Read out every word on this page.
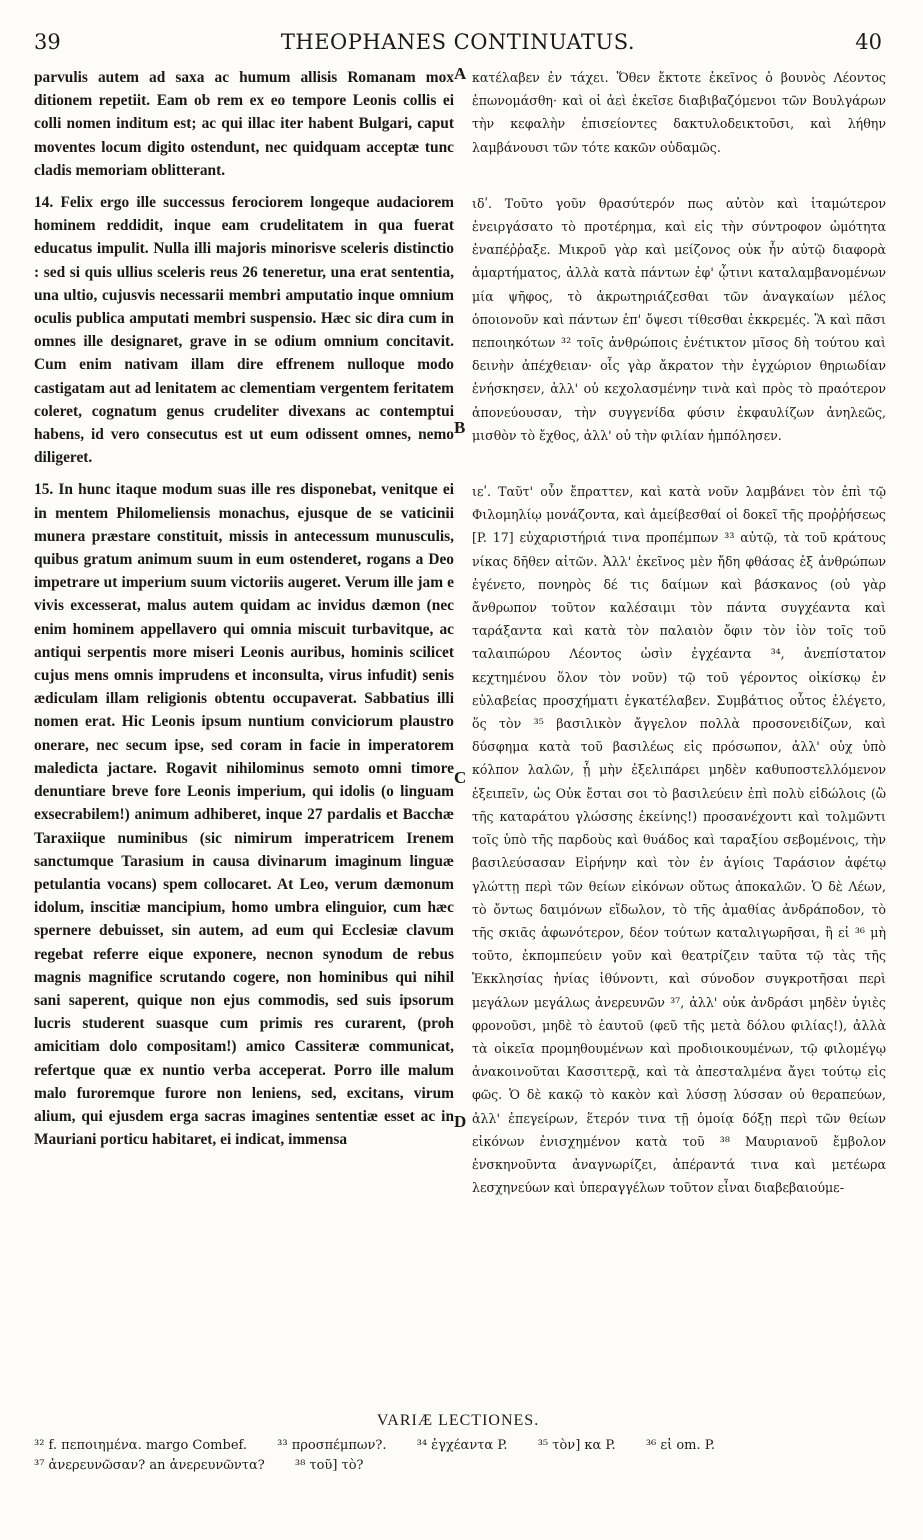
39	THEOPHANES CONTINUATUS.	40

parvulis autem ad saxa ac humum allisis Romanam mox ditionem repetiit. Eam ob rem ex eo tempore Leonis collis ei colli nomen inditum est; ac qui illac iter habent Bulgari, caput moventes locum digito ostendunt, nec quidquam acceptæ tunc cladis memoriam oblitterant.

14. Felix ergo ille successus ferociorem longeque audaciorem hominem reddidit, inque eam crudelitatem in qua fuerat educatus impulit. Nulla illi majoris minorisve sceleris distinctio : sed si quis ullius sceleris reus 26 teneretur, una erat sententia, una ultio, cujusvis necessarii membri amputatio inque omnium oculis publica amputati membri suspensio. Hæc sic dira cum in omnes ille designaret, grave in se odium omnium concitavit. Cum enim nativam illam dire effrenem nulloque modo castigatam aut ad lenitatem ac clementiam vergentem feritatem coleret, cognatum genus crudeliter divexans ac contemptui habens, id vero consecutus est ut eum odissent omnes, nemo diligeret.

15. In hunc itaque modum suas ille res disponebat, venitque ei in mentem Philomeliensis monachus, ejusque de se vaticinii munera præstare constituit, missis in antecessum munusculis, quibus gratum animum suum in eum ostenderet, rogans a Deo impetrare ut imperium suum victoriis augeret. Verum ille jam e vivis excesserat, malus autem quidam ac invidus dæmon (nec enim hominem appellavero qui omnia miscuit turbavitque, ac antiqui serpentis more miseri Leonis auribus, hominis scilicet cujus mens omnis imprudens et inconsulta, virus infudit) senis ædiculam illam religionis obtentu occupaverat. Sabbatius illi nomen erat. Hic Leonis ipsum nuntium conviciorum plaustro onerare, nec secum ipse, sed coram in facie in imperatorem maledicta jactare. Rogavit nihilominus semoto omni timore denuntiare breve fore Leonis imperium, qui idolis (o linguam exsecrabilem!) animum adhiberet, inque 27 pardalis et Bacchæ Taraxiique numinibus (sic nimirum imperatricem Irenem sanctumque Tarasium in causa divinarum imaginum linguæ petulantia vocans) spem collocaret. At Leo, verum dæmonum idolum, inscitiæ mancipium, homo umbra elinguior, cum hæc spernere debuisset, sin autem, ad eum qui Ecclesiæ clavum regebat referre eique exponere, necnon synodum de rebus magnis magnifice scrutando cogere, non hominibus qui nihil sani saperent, quique non ejus commodis, sed suis ipsorum lucris studerent suasque cum primis res curarent, (proh amicitiam dolo compositam!) amico Cassiteræ communicat, refertque quæ ex nuntio verba acceperat. Porro ille malum malo furoremque furore non leniens, sed, excitans, virum alium, qui ejusdem erga sacras imagines sententiæ esset ac in Mauriani porticu habitaret, ei indicat, immensa

A
B
C
D

κατέλαβεν ἐν τάχει. Ὅθεν ἔκτοτε ἐκεῖνος ὁ βουνὸς Λέοντος ἐπωνομάσθη· καὶ οἱ ἀεὶ ἐκεῖσε διαβιβαζόμενοι τῶν Βουλγάρων τὴν κεφαλὴν ἐπισείοντες δακτυλοδεικτοῦσι, καὶ λήθην λαμβάνουσι τῶν τότε κακῶν οὐδαμῶς.

ιδʹ. Τοῦτο γοῦν θρασύτερόν πως αὐτὸν καὶ ἰταμώτερον ἐνειργάσατο τὸ προτέρημα, καὶ εἰς τὴν σύντροφον ὠμότητα ἐναπέῤῥαξε. Μικροῦ γὰρ καὶ μείζονος οὐκ ἦν αὐτῷ διαφορὰ ἁμαρτήματος, ἀλλὰ κατὰ πάντων ἐφ' ᾧτινι καταλαμβανομένων μία ψῆφος, τὸ ἀκρωτηριάζεσθαι τῶν ἀναγκαίων μέλος ὁποιονοῦν καὶ πάντων ἐπ' ὄψεσι τίθεσθαι ἐκκρεμές. Ἃ καὶ πᾶσι πεποιηκότων ³² τοῖς ἀνθρώποις ἐνέτικτον μῖσος δὴ τούτου καὶ δεινὴν ἀπέχθειαν· οἷς γὰρ ἄκρατον τὴν ἐγχώριον θηριωδίαν ἐνήσκησεν, ἀλλ' οὐ κεχολασμένην τινὰ καὶ πρὸς τὸ πραότερον ἀπονεύουσαν, τὴν συγγενίδα φύσιν ἐκφαυλίζων ἀνηλεῶς, μισθὸν τὸ ἔχθος, ἀλλ' οὐ τὴν φιλίαν ἠμπόλησεν.

ιεʹ. Ταῦτ' οὖν ἔπραττεν, καὶ κατὰ νοῦν λαμβάνει τὸν ἐπὶ τῷ Φιλομηλίῳ μονάζοντα, καὶ ἀμείβεσθαί οἱ δοκεῖ τῆς προῤῥήσεως [P. 17] εὐχαριστήριά τινα προπέμπων ³³ αὐτῷ, τὰ τοῦ κράτους νίκας δῆθεν αἰτῶν. Ἀλλ' ἐκεῖνος μὲν ἤδη φθάσας ἐξ ἀνθρώπων ἐγένετο, πονηρὸς δέ τις δαίμων καὶ βάσκανος (οὐ γὰρ ἄνθρωπον τοῦτον καλέσαιμι τὸν πάντα συγχέαντα καὶ ταράξαντα καὶ κατὰ τὸν παλαιὸν ὄφιν τὸν ἰὸν τοῖς τοῦ ταλαιπώρου Λέοντος ὠσὶν ἐγχέαντα ³⁴, ἀνεπίστατον κεχτημένου ὅλον τὸν νοῦν) τῷ τοῦ γέροντος οἰκίσκῳ ἐν εὐλαβείας προσχήματι ἐγκατέλαβεν. Συμβάτιος οὗτος ἐλέγετο, ὅς τὸν ³⁵ βασιλικὸν ἄγγελον πολλὰ προσονειδίζων, καὶ δύσφημα κατὰ τοῦ βασιλέως εἰς πρόσωπον, ἀλλ' οὐχ ὑπὸ κόλπον λαλῶν, ᾗ μὴν ἐξελιπάρει μηδὲν καθυποστελλόμενον ἐξειπεῖν, ὡς Οὐκ ἔσται σοι τὸ βασιλεύειν ἐπὶ πολὺ εἰδώλοις (ὢ τῆς καταράτου γλώσσης ἐκείνης!) προσανέχοντι καὶ τολμῶντι τοῖς ὑπὸ τῆς παρδοὺς καὶ θυάδος καὶ ταραξίου σεβομένοις, τὴν βασιλεύσασαν Εἰρήνην καὶ τὸν ἐν ἁγίοις Ταράσιον ἀφέτῳ γλώττῃ περὶ τῶν θείων εἰκόνων οὕτως ἀποκαλῶν. Ὁ δὲ Λέων, τὸ ὄντως δαιμόνων εἴδωλον, τὸ τῆς ἀμαθίας ἀνδράποδον, τὸ τῆς σκιᾶς ἀφωνότερον, δέον τούτων καταλιγωρῆσαι, ἢ εἰ ³⁶ μὴ τοῦτο, ἐκπομπεύειν γοῦν καὶ θεατρίζειν ταῦτα τῷ τὰς τῆς Ἐκκλησίας ἡνίας ἰθύνοντι, καὶ σύνοδον συγκροτῆσαι περὶ μεγάλων μεγάλως ἀνερευνῶν ³⁷, ἀλλ' οὐκ ἀνδράσι μηδὲν ὑγιὲς φρονοῦσι, μηδὲ τὸ ἑαυτοῦ (φεῦ τῆς μετὰ δόλου φιλίας!), ἀλλὰ τὰ οἰκεῖα προμηθουμένων καὶ προδιοικουμένων, τῷ φιλομέγῳ ἀνακοινοῦται Κασσιτερᾷ, καὶ τὰ ἀπεσταλμένα ἄγει τούτῳ εἰς φῶς. Ὁ δὲ κακῷ τὸ κακὸν καὶ λύσσῃ λύσσαν οὐ θεραπεύων, ἀλλ' ἐπεγείρων, ἕτερόν τινα τῇ ὁμοίᾳ δόξῃ περὶ τῶν θείων εἰκόνων ἐνισχημένον κατὰ τοῦ ³⁸ Μαυριανοῦ ἔμβολον ἐνσκηνοῦντα ἀναγνωρίζει, ἀπέραντά τινα καὶ μετέωρα λεσχηνεύων καὶ ὑπεραγγέλων τοῦτον εἶναι διαβεβαιούμε-

VARIÆ LECTIONES.
³² f. πεποιημένα. margo Combef. ³³ προσπέμπων?. ³⁴ ἐγχέαντα P. ³⁵ τὸν] κα P. ³⁶ εἰ om. P.
³⁷ ἀνερευνῶσαν? an ἀνερευνῶντα? ³⁸ τοῦ] τὸ?
